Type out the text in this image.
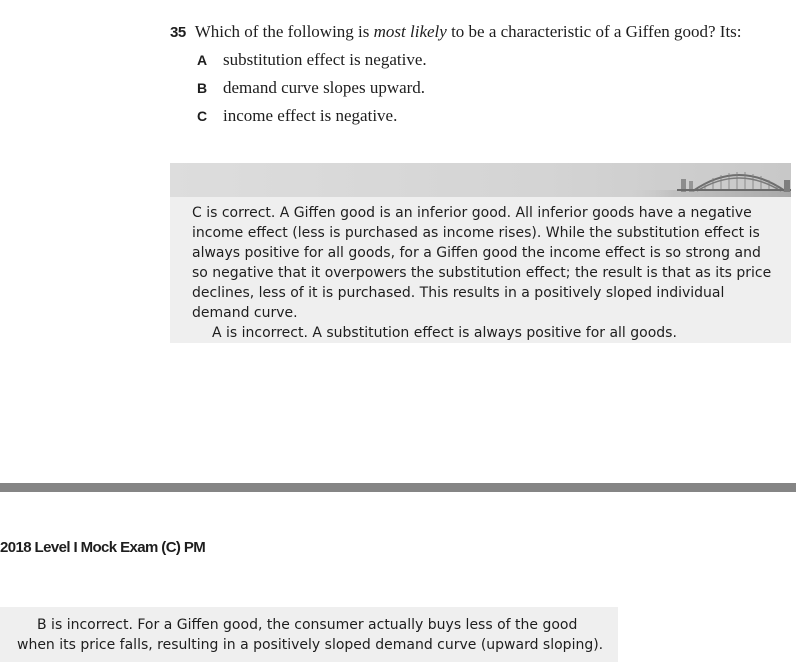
35 Which of the following is most likely to be a characteristic of a Giffen good? Its:
A substitution effect is negative.
B demand curve slopes upward.
C income effect is negative.

C is correct. A Giffen good is an inferior good. All inferior goods have a negative income effect (less is purchased as income rises). While the substitution effect is always positive for all goods, for a Giffen good the income effect is so strong and so negative that it overpowers the substitution effect; the result is that as its price declines, less of it is purchased. This results in a positively sloped individual demand curve.

A is incorrect. A substitution effect is always positive for all goods.

2018 Level I Mock Exam (C) PM

B is incorrect. For a Giffen good, the consumer actually buys less of the good when its price falls, resulting in a positively sloped demand curve (upward sloping).
